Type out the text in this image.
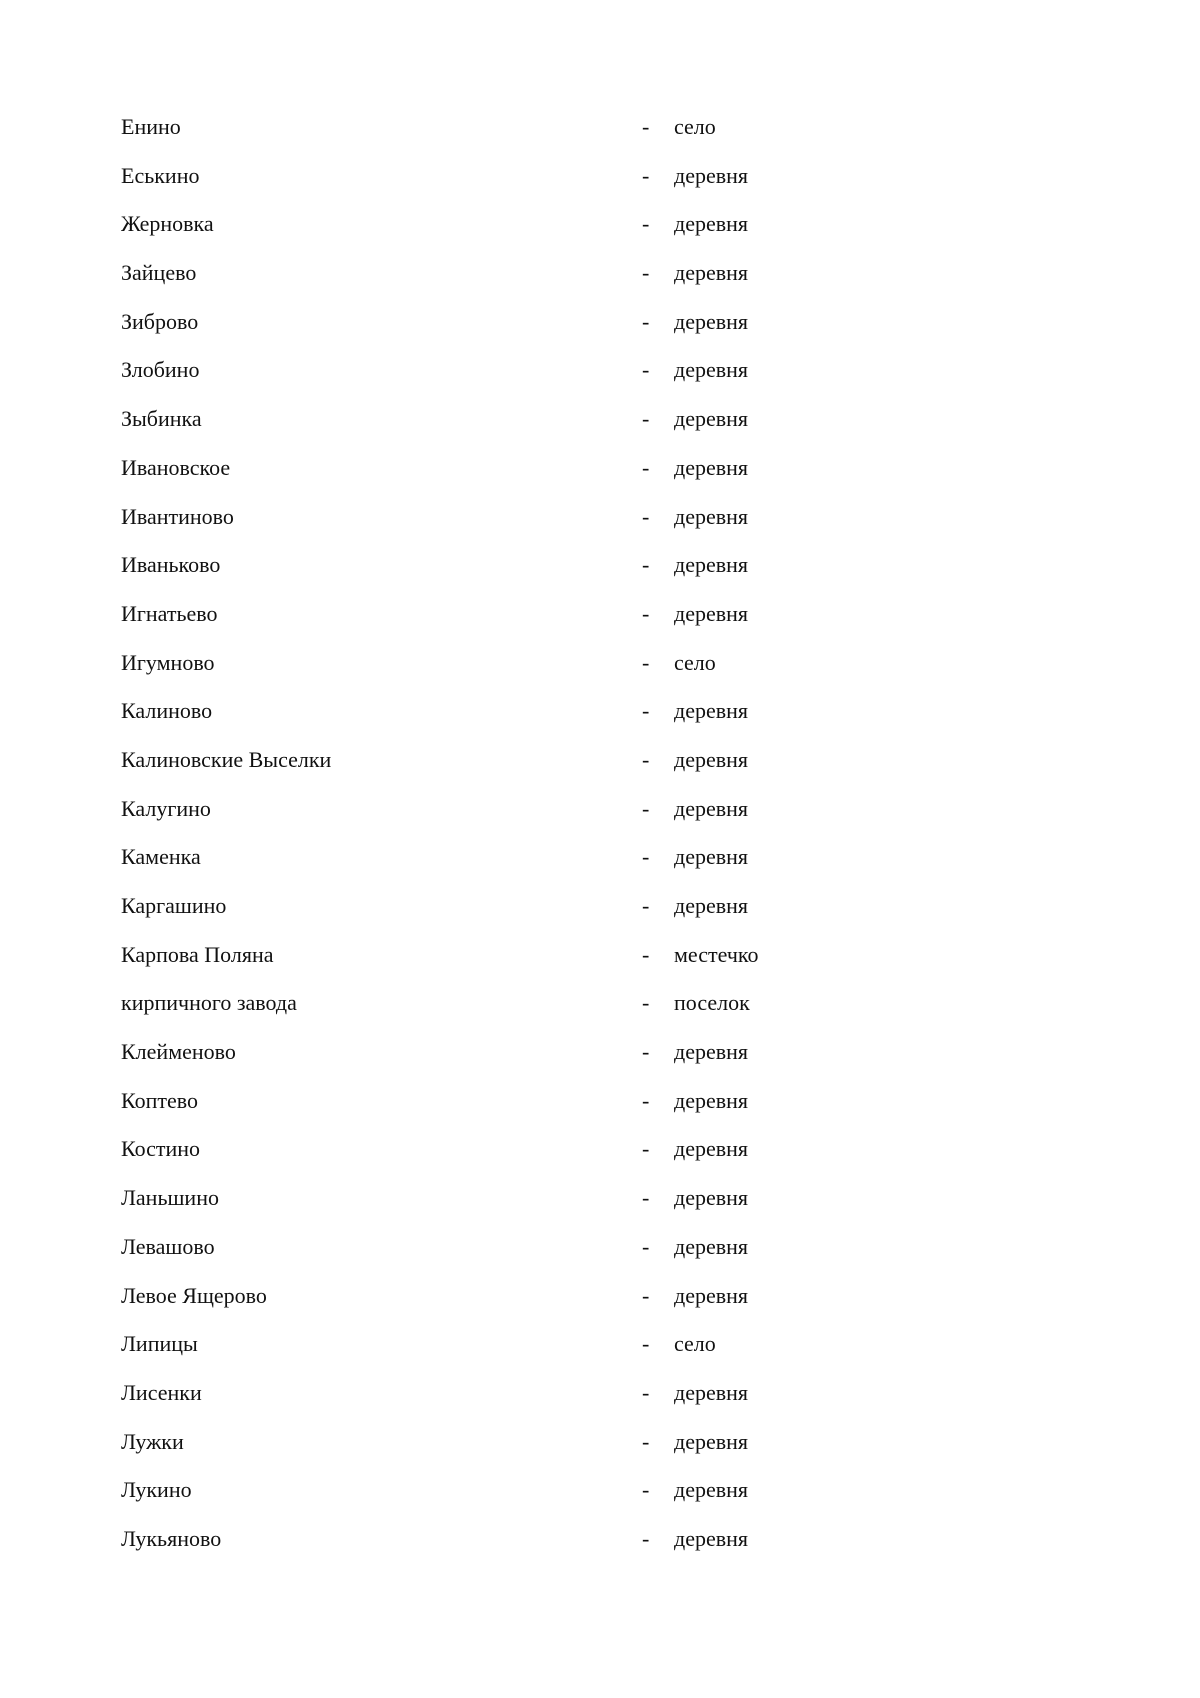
Енино	- село
Еськино	- деревня
Жерновка	- деревня
Зайцево	- деревня
Зиброво	- деревня
Злобино	- деревня
Зыбинка	- деревня
Ивановское	- деревня
Ивантиново	- деревня
Иваньково	- деревня
Игнатьево	- деревня
Игумново	- село
Калиново	- деревня
Калиновские Выселки	- деревня
Калугино	- деревня
Каменка	- деревня
Каргашино	- деревня
Карпова Поляна	- местечко
кирпичного завода	- поселок
Клейменово	- деревня
Коптево	- деревня
Костино	- деревня
Ланьшино	- деревня
Левашово	- деревня
Левое Ящерово	- деревня
Липицы	- село
Лисенки	- деревня
Лужки	- деревня
Лукино	- деревня
Лукьяново	- деревня
